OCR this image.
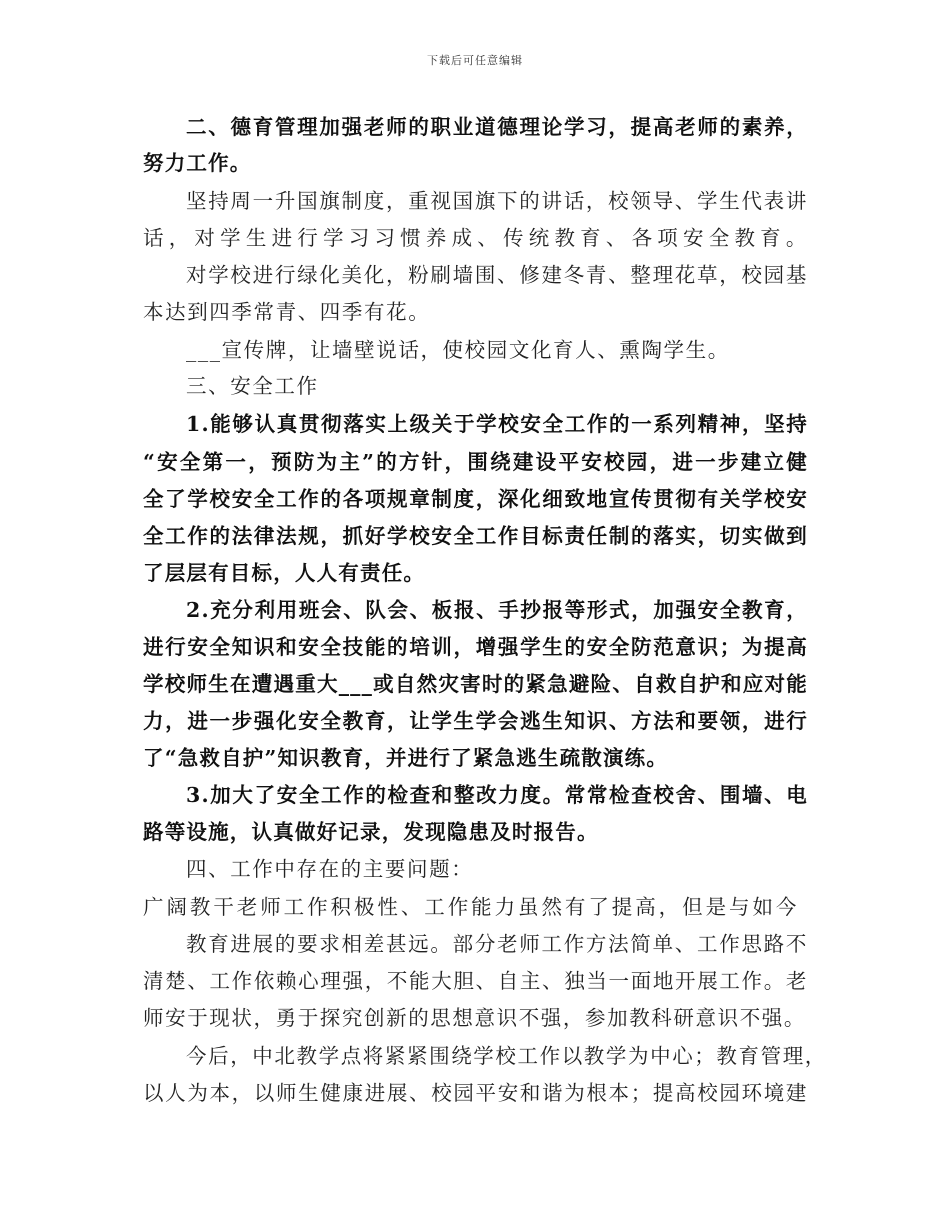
下载后可任意编辑
二、德育管理加强老师的职业道德理论学习，提高老师的素养，
努力工作。
坚持周一升国旗制度，重视国旗下的讲话，校领导、学生代表讲
话，对学生进行学习习惯养成、传统教育、各项安全教育。
对学校进行绿化美化，粉刷墙围、修建冬青、整理花草，校园基
本达到四季常青、四季有花。
___宣传牌，让墙壁说话，使校园文化育人、熏陶学生。
三、安全工作
1.能够认真贯彻落实上级关于学校安全工作的一系列精神，坚持
“安全第一，预防为主”的方针，围绕建设平安校园，进一步建立健
全了学校安全工作的各项规章制度，深化细致地宣传贯彻有关学校安
全工作的法律法规，抓好学校安全工作目标责任制的落实，切实做到
了层层有目标，人人有责任。
2.充分利用班会、队会、板报、手抄报等形式，加强安全教育，
进行安全知识和安全技能的培训，增强学生的安全防范意识；为提高
学校师生在遭遇重大___或自然灾害时的紧急避险、自救自护和应对能
力，进一步强化安全教育，让学生学会逃生知识、方法和要领，进行
了“急救自护”知识教育，并进行了紧急逃生疏散演练。
3.加大了安全工作的检查和整改力度。常常检查校舍、围墙、电
路等设施，认真做好记录，发现隐患及时报告。
四、工作中存在的主要问题：
广阔教干老师工作积极性、工作能力虽然有了提高，但是与如今
教育进展的要求相差甚远。部分老师工作方法简单、工作思路不
清楚、工作依赖心理强，不能大胆、自主、独当一面地开展工作。老
师安于现状，勇于探究创新的思想意识不强，参加教科研意识不强。
今后，中北教学点将紧紧围绕学校工作以教学为中心；教育管理，
以人为本，以师生健康进展、校园平安和谐为根本；提高校园环境建
